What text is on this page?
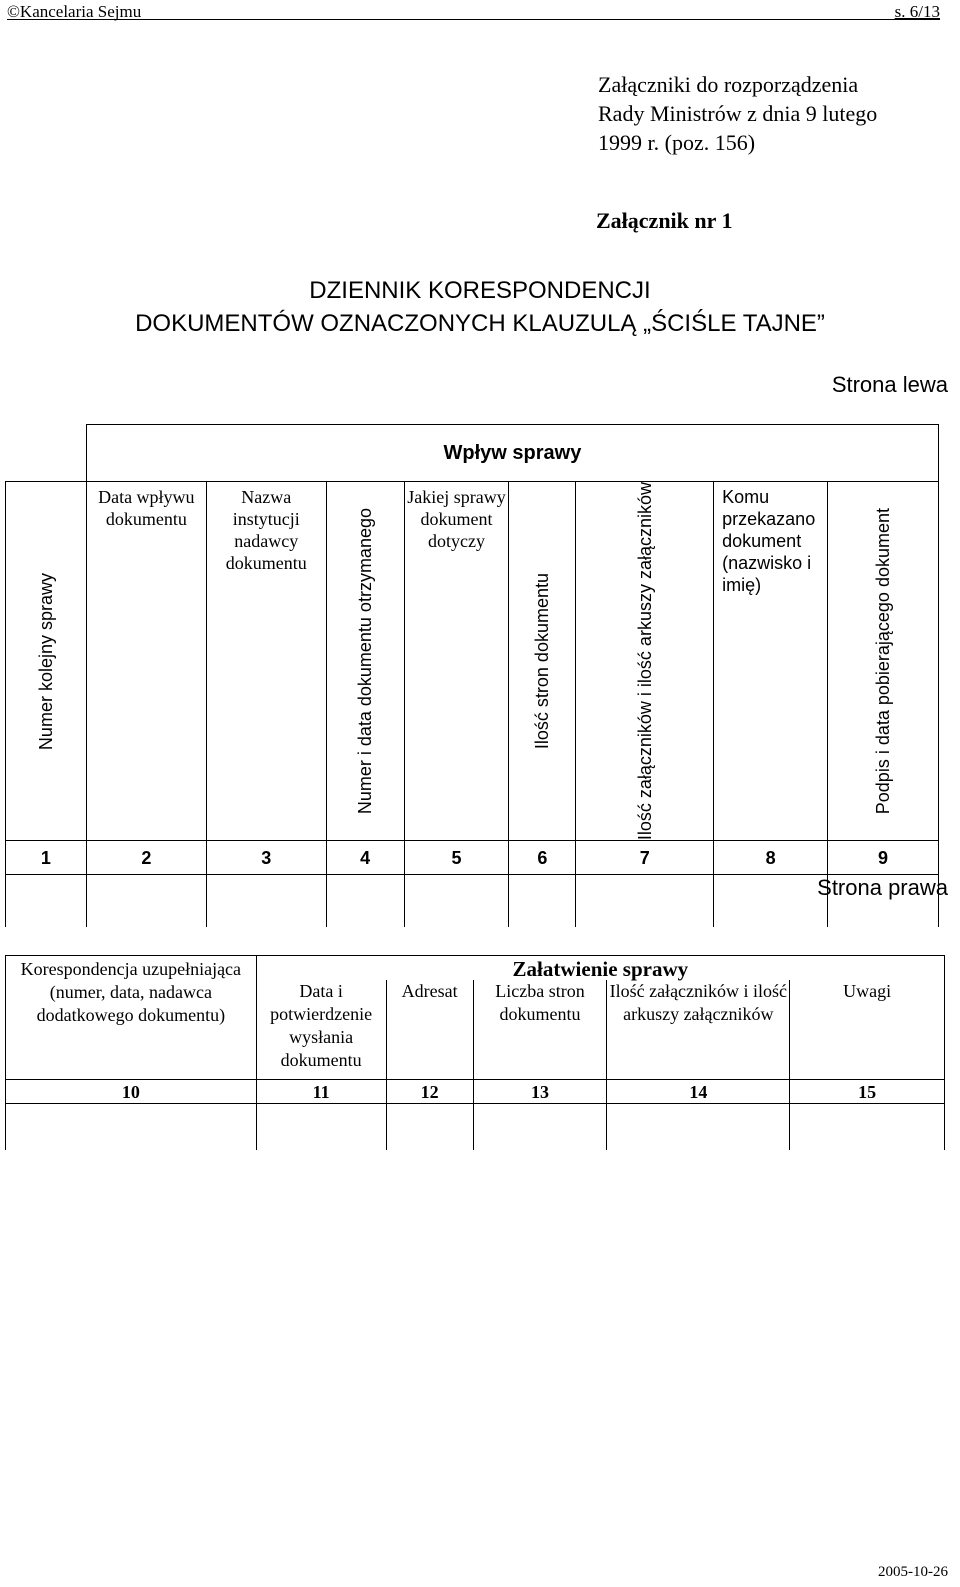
©Kancelaria Sejmu	s. 6/13
Załączniki do rozporządzenia
Rady Ministrów z dnia 9 lutego
1999 r. (poz. 156)
Załącznik nr 1
DZIENNIK KORESPONDENCJI
DOKUMENTÓW OZNACZONYCH KLAUZULĄ „ŚCIŚLE TAJNE”
Strona lewa
	Wpływ sprawy							

Numer kolejny sprawy	Data wpływu dokumentu	Nazwa instytucji nadawcy dokumentu	Numer i data dokumentu otrzymanego	Jakiej sprawy dokument dotyczy	Ilość stron dokumentu	Ilość załączników i ilość arkuszy załączników	Komu przekazano dokument (nazwisko i imię)	Podpis i data pobierającego dokument

1	2	3	4	5	6	7	8	9

Strona prawa
Korespondencja uzupełniająca (numer, data, nadawca dodatkowego dokumentu)	Załatwienie sprawy				
	Data i potwierdzenie wysłania dokumentu	Adresat	Liczba stron dokumentu	Ilość załączników i ilość arkuszy załączników	Uwagi
10	11	12	13	14	15

2005-10-26
